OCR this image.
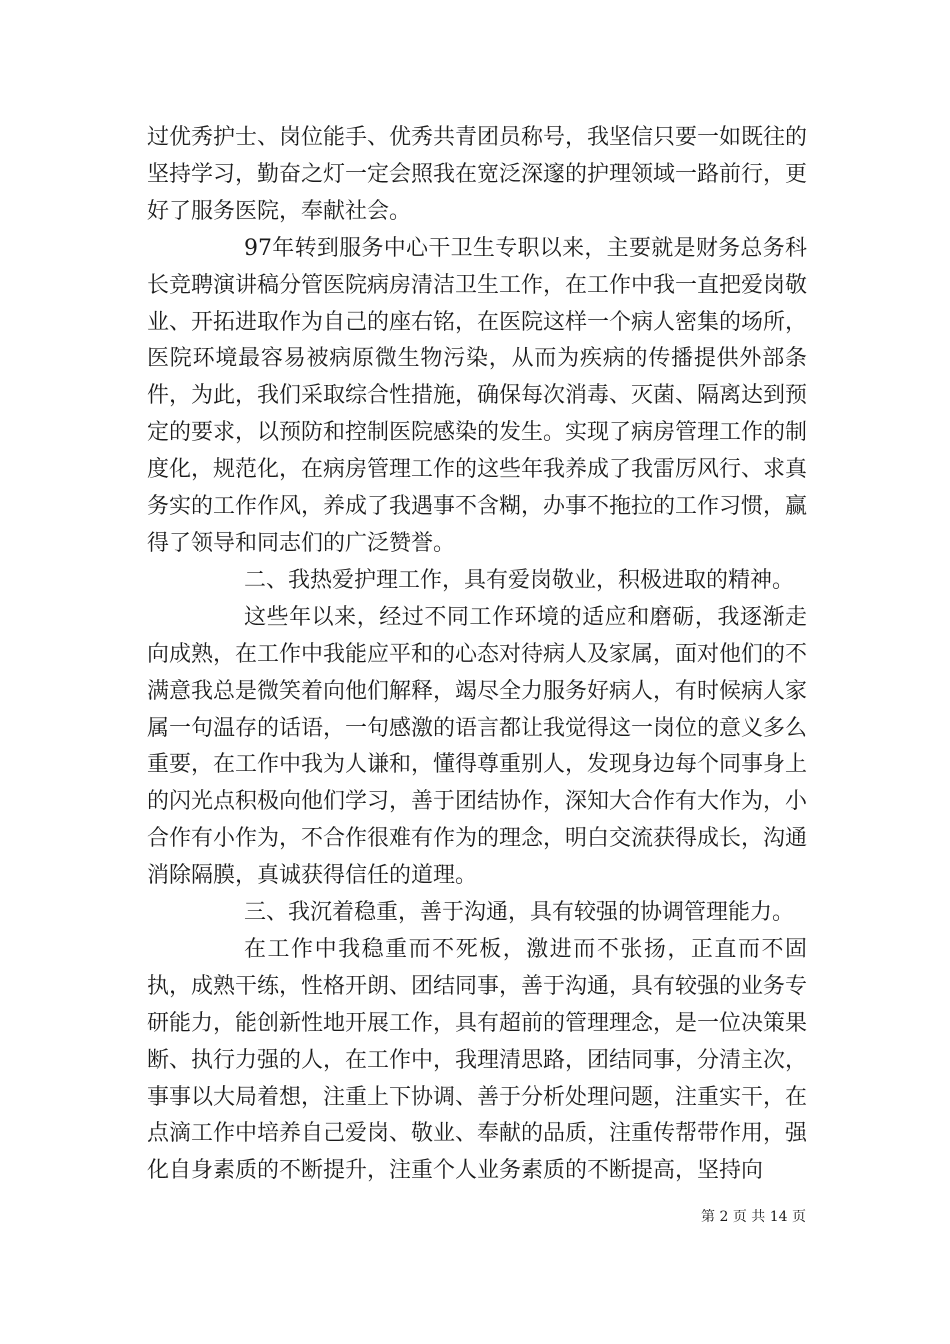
过优秀护士、岗位能手、优秀共青团员称号，我坚信只要一如既往的坚持学习，勤奋之灯一定会照我在宽泛深邃的护理领域一路前行，更好了服务医院，奉献社会。

97年转到服务中心干卫生专职以来，主要就是财务总务科长竞聘演讲稿分管医院病房清洁卫生工作，在工作中我一直把爱岗敬业、开拓进取作为自己的座右铭，在医院这样一个病人密集的场所，医院环境最容易被病原微生物污染，从而为疾病的传播提供外部条件，为此，我们采取综合性措施，确保每次消毒、灭菌、隔离达到预定的要求，以预防和控制医院感染的发生。实现了病房管理工作的制度化，规范化，在病房管理工作的这些年我养成了我雷厉风行、求真务实的工作作风，养成了我遇事不含糊，办事不拖拉的工作习惯，赢得了领导和同志们的广泛赞誉。

二、我热爱护理工作，具有爱岗敬业，积极进取的精神。

这些年以来，经过不同工作环境的适应和磨砺，我逐渐走向成熟，在工作中我能应平和的心态对待病人及家属，面对他们的不满意我总是微笑着向他们解释，竭尽全力服务好病人，有时候病人家属一句温存的话语，一句感激的语言都让我觉得这一岗位的意义多么重要，在工作中我为人谦和，懂得尊重别人，发现身边每个同事身上的闪光点积极向他们学习，善于团结协作，深知大合作有大作为，小合作有小作为，不合作很难有作为的理念，明白交流获得成长，沟通消除隔膜，真诚获得信任的道理。

三、我沉着稳重，善于沟通，具有较强的协调管理能力。

在工作中我稳重而不死板，激进而不张扬，正直而不固执，成熟干练，性格开朗、团结同事，善于沟通，具有较强的业务专研能力，能创新性地开展工作，具有超前的管理理念，是一位决策果断、执行力强的人，在工作中，我理清思路，团结同事，分清主次，事事以大局着想，注重上下协调、善于分析处理问题，注重实干，在点滴工作中培养自己爱岗、敬业、奉献的品质，注重传帮带作用，强化自身素质的不断提升，注重个人业务素质的不断提高，坚持向

第 2 页 共 14 页
